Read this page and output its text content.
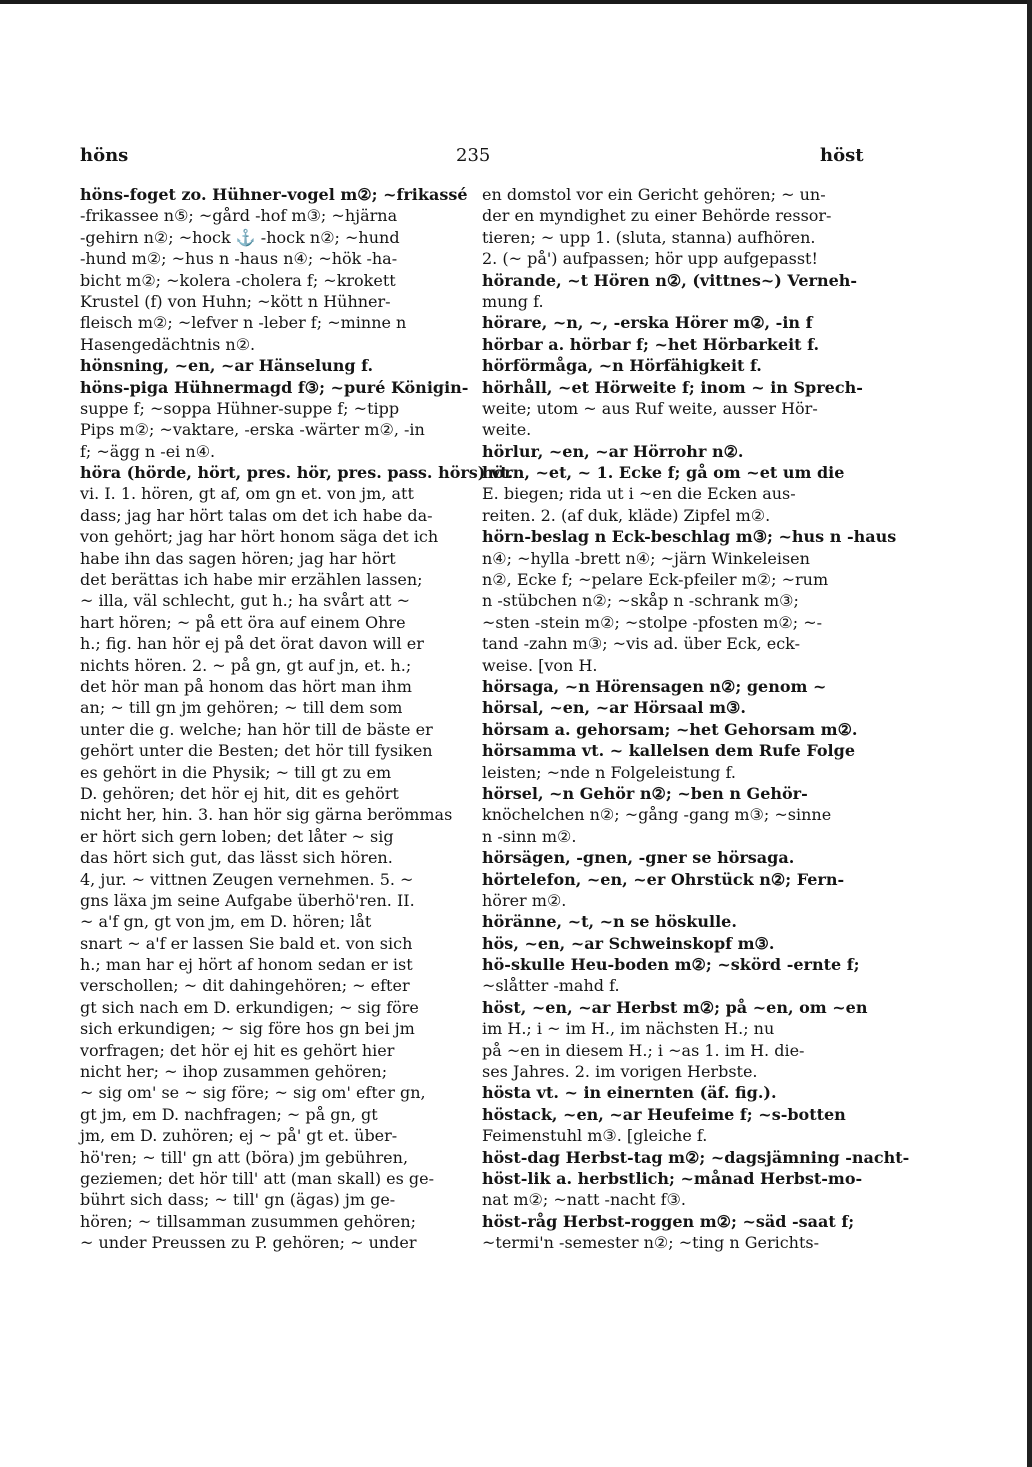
höns	235	höst
höns-foget zo. Hühner-vogel m②; ~frikassé
-frikassee n⑤; ~gård -hof m③; ~hjärna
-gehirn n②; ~hock ⚓ -hock n②; ~hund
-hund m②; ~hus n -haus n④; ~hök -ha-
bicht m②; ~kolera -cholera f; ~krokett
Krustel (f) von Huhn; ~kött n Hühner-
fleisch m②; ~lefver n -leber f; ~minne n
Hasengedächtnis n②.
hönsning, ~en, ~ar Hänselung f.
höns-piga Hühnermagd f③; ~puré Königin-
suppe f; ~soppa Hühner-suppe f; ~tipp
Pips m②; ~vaktare, -erska -wärter m②, -in
f; ~ägg n -ei n④.
höra (hörde, hört, pres. hör, pres. pass. hörs) vt.
vi. I. 1. hören, gt af, om gn et. von jm, att
dass; jag har hört talas om det ich habe da-
von gehört; jag har hört honom säga det ich
habe ihn das sagen hören; jag har hört
det berättas ich habe mir erzählen lassen;
~ illa, väl schlecht, gut h.; ha svårt att ~
hart hören; ~ på ett öra auf einem Ohre
h.; fig. han hör ej på det örat davon will er
nichts hören. 2. ~ på gn, gt auf jn, et. h.;
det hör man på honom das hört man ihm
an; ~ till gn jm gehören; ~ till dem som
unter die g. welche; han hör till de bäste er
gehört unter die Besten; det hör till fysiken
es gehört in die Physik; ~ till gt zu em
D. gehören; det hör ej hit, dit es gehört
nicht her, hin. 3. han hör sig gärna berömmas
er hört sich gern loben; det låter ~ sig
das hört sich gut, das lässt sich hören.
4, jur. ~ vittnen Zeugen vernehmen. 5. ~
gns läxa jm seine Aufgabe überhö'ren. II.
~ a'f gn, gt von jm, em D. hören; låt
snart ~ a'f er lassen Sie bald et. von sich
h.; man har ej hört af honom sedan er ist
verschollen; ~ dit dahingehören; ~ efter
gt sich nach em D. erkundigen; ~ sig före
sich erkundigen; ~ sig före hos gn bei jm
vorfragen; det hör ej hit es gehört hier
nicht her; ~ ihop zusammen gehören;
~ sig om' se ~ sig före; ~ sig om' efter gn,
gt jm, em D. nachfragen; ~ på gn, gt
jm, em D. zuhören; ej ~ på' gt et. über-
hö'ren; ~ till' gn att (böra) jm gebühren,
geziemen; det hör till' att (man skall) es ge-
bührt sich dass; ~ till' gn (ägas) jm ge-
hören; ~ tillsamman zusummen gehören;
~ under Preussen zu P. gehören; ~ under
en domstol vor ein Gericht gehören; ~ un-
der en myndighet zu einer Behörde ressor-
tieren; ~ upp 1. (sluta, stanna) aufhören.
2. (~ på') aufpassen; hör upp aufgepasst!
hörande, ~t Hören n②, (vittnes~) Verneh-
mung f.
hörare, ~n, ~, -erska Hörer m②, -in f
hörbar a. hörbar f; ~het Hörbarkeit f.
hörförmåga, ~n Hörfähigkeit f.
hörhåll, ~et Hörweite f; inom ~ in Sprech-
weite; utom ~ aus Ruf weite, ausser Hör-
weite.
hörlur, ~en, ~ar Hörrohr n②.
hörn, ~et, ~ 1. Ecke f; gå om ~et um die
E. biegen; rida ut i ~en die Ecken aus-
reiten. 2. (af duk, kläde) Zipfel m②.
hörn-beslag n Eck-beschlag m③; ~hus n -haus
n④; ~hylla -brett n④; ~järn Winkeleisen
n②, Ecke f; ~pelare Eck-pfeiler m②; ~rum
n -stübchen n②; ~skåp n -schrank m③;
~sten -stein m②; ~stolpe -pfosten m②; ~-
tand -zahn m③; ~vis ad. über Eck, eck-
weise. [von H.
hörsaga, ~n Hörensagen n②; genom ~
hörsal, ~en, ~ar Hörsaal m③.
hörsam a. gehorsam; ~het Gehorsam m②.
hörsamma vt. ~ kallelsen dem Rufe Folge
leisten; ~nde n Folgeleistung f.
hörsel, ~n Gehör n②; ~ben n Gehör-
knöchelchen n②; ~gång -gang m③; ~sinne
n -sinn m②.
hörsägen, -gnen, -gner se hörsaga.
hörtelefon, ~en, ~er Ohrstück n②; Fern-
hörer m②.
höränne, ~t, ~n se höskulle.
hös, ~en, ~ar Schweinskopf m③.
hö-skulle Heu-boden m②; ~skörd -ernte f;
~slåtter -mahd f.
höst, ~en, ~ar Herbst m②; på ~en, om ~en
im H.; i ~ im H., im nächsten H.; nu
på ~en in diesem H.; i ~as 1. im H. die-
ses Jahres. 2. im vorigen Herbste.
hösta vt. ~ in einernten (äf. fig.).
höstack, ~en, ~ar Heufeime f; ~s-botten
Feimenstuhl m③. [gleiche f.
höst-dag Herbst-tag m②; ~dagsjämning -nacht-
höst-lik a. herbstlich; ~månad Herbst-mo-
nat m②; ~natt -nacht f③.
höst-råg Herbst-roggen m②; ~säd -saat f;
~termi'n -semester n②; ~ting n Gerichts-
